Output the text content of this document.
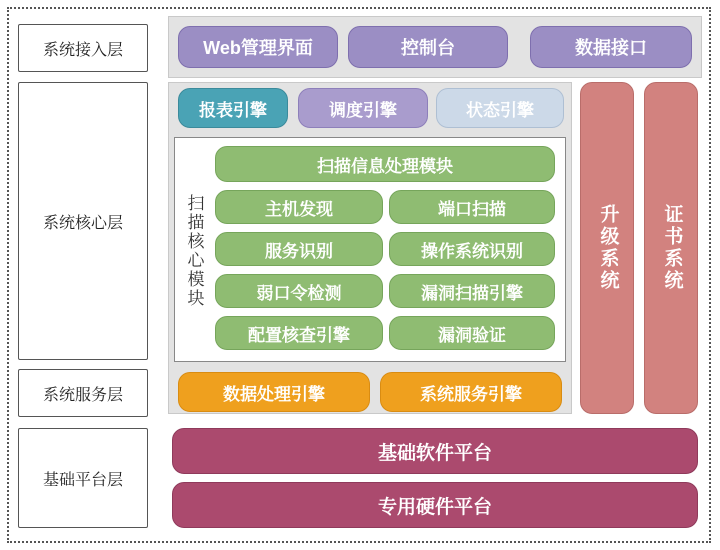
系统接入层
系统核心层
系统服务层
基础平台层
Web管理界面	控制台	数据接口
报表引擎	调度引擎	状态引擎
扫描核心模块
扫描信息处理模块
主机发现	端口扫描
服务识别	操作系统识别
弱口令检测	漏洞扫描引擎
配置核查引擎	漏洞验证
升级系统	证书系统
数据处理引擎	系统服务引擎
基础软件平台
专用硬件平台
